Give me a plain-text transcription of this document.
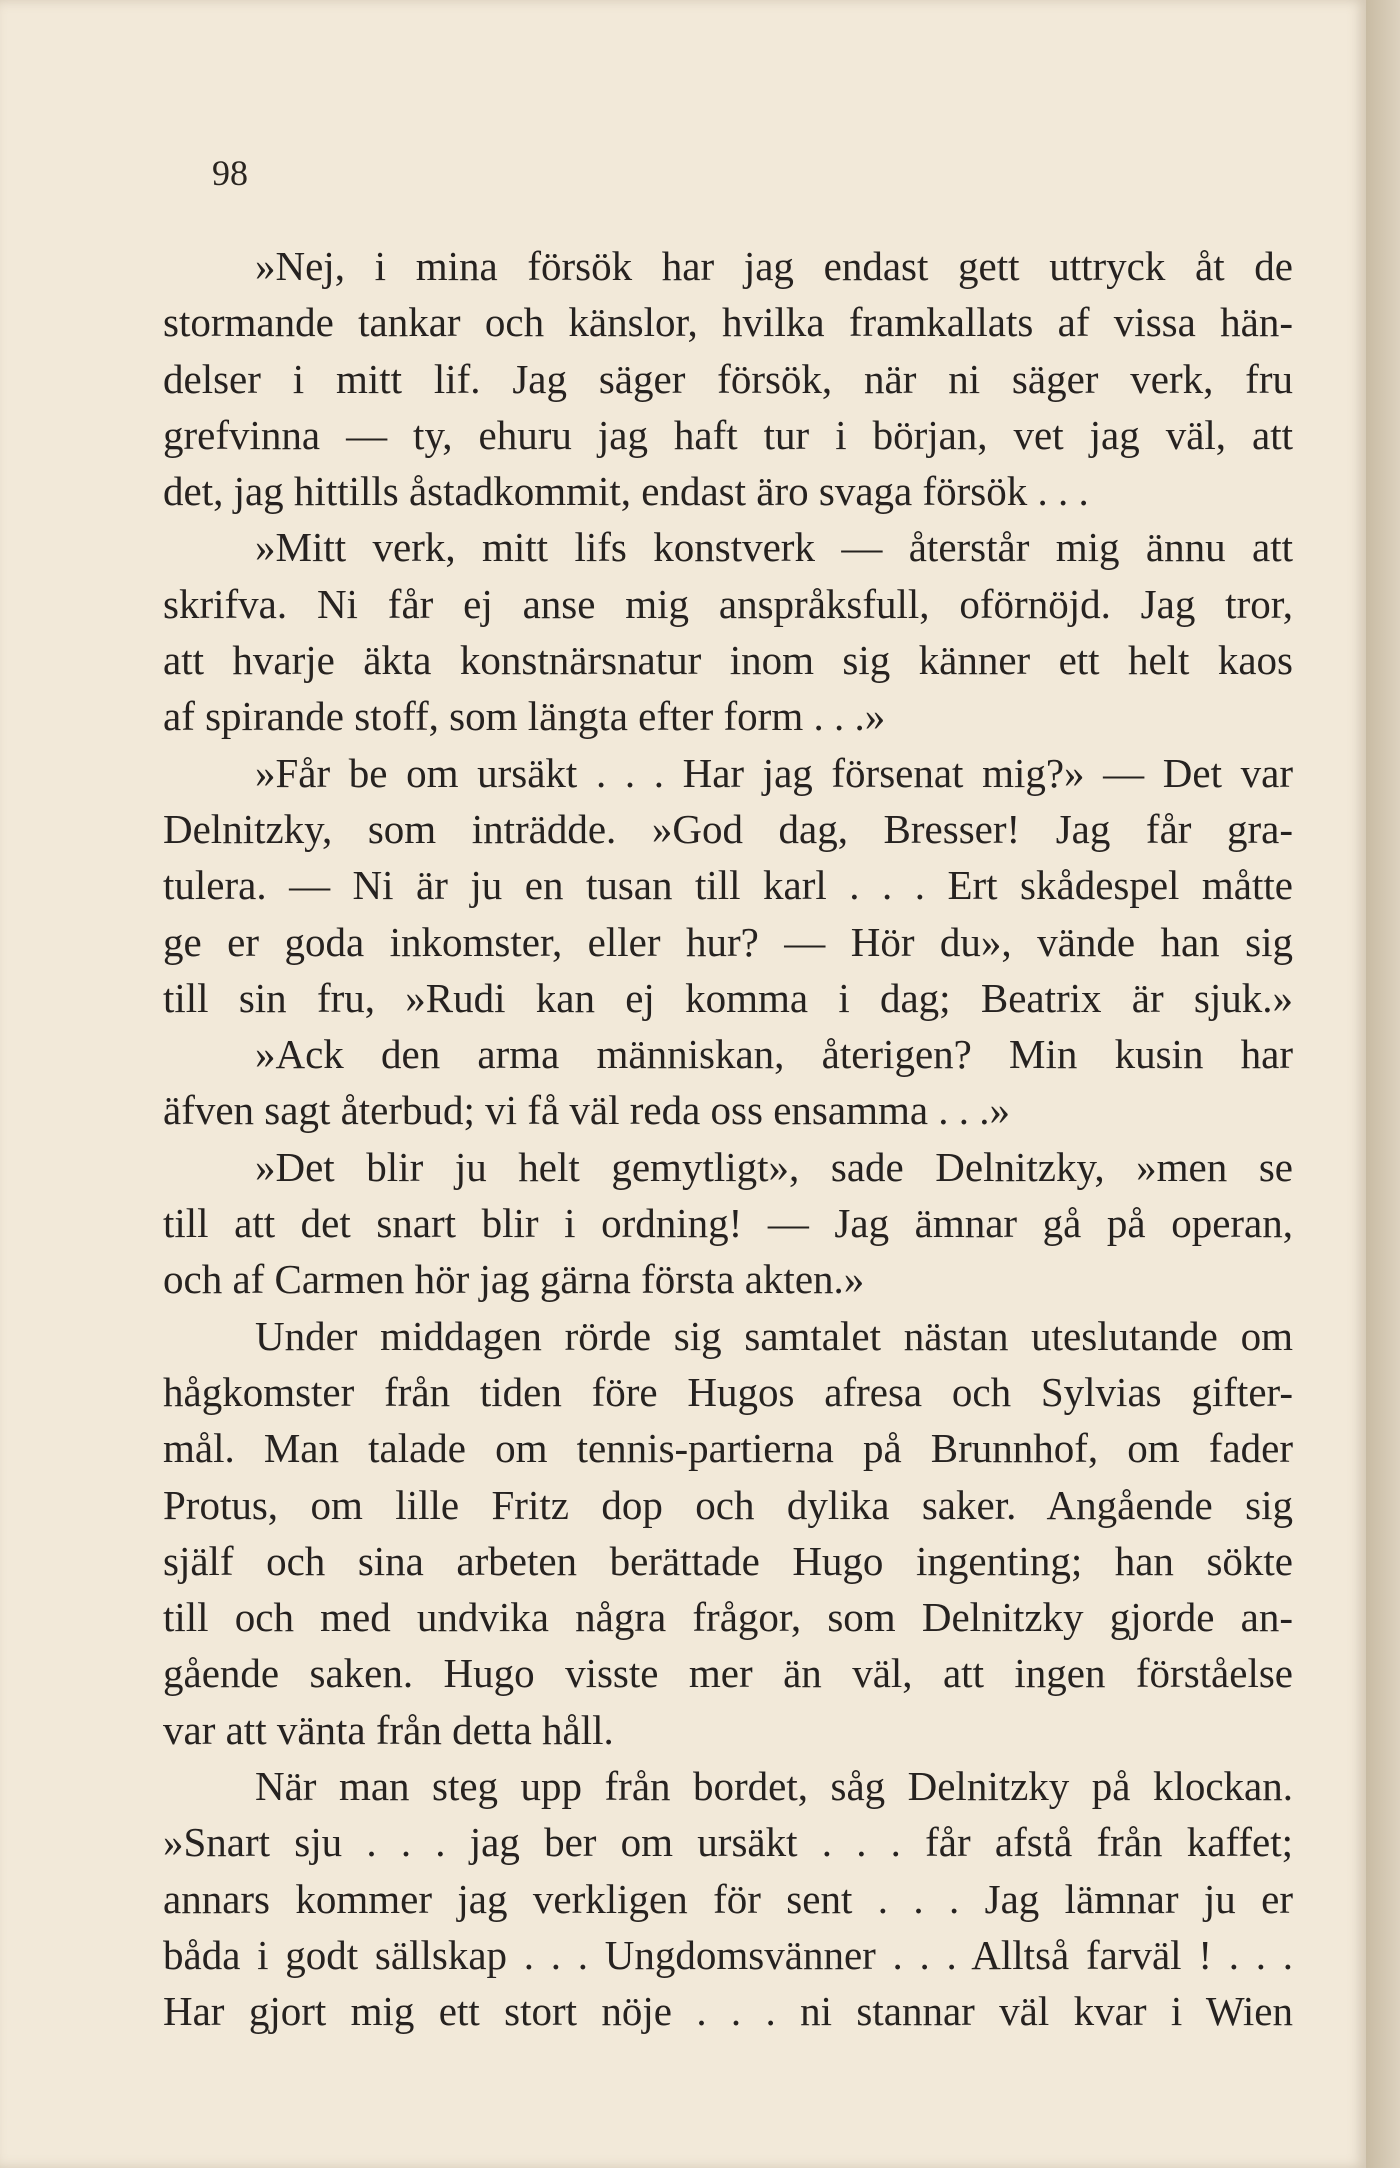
98
»Nej, i mina försök har jag endast gett uttryck åt de
stormande tankar och känslor, hvilka framkallats af vissa hän-
delser i mitt lif. Jag säger försök, när ni säger verk, fru
grefvinna — ty, ehuru jag haft tur i början, vet jag väl, att
det, jag hittills åstadkommit, endast äro svaga försök . . .
»Mitt verk, mitt lifs konstverk — återstår mig ännu att
skrifva. Ni får ej anse mig anspråksfull, oförnöjd. Jag tror,
att hvarje äkta konstnärsnatur inom sig känner ett helt kaos
af spirande stoff, som längta efter form . . .»
»Får be om ursäkt . . . Har jag försenat mig?» — Det var
Delnitzky, som inträdde. »God dag, Bresser! Jag får gra-
tulera. — Ni är ju en tusan till karl . . . Ert skådespel måtte
ge er goda inkomster, eller hur? — Hör du», vände han sig
till sin fru, »Rudi kan ej komma i dag; Beatrix är sjuk.»
»Ack den arma människan, återigen? Min kusin har
äfven sagt återbud; vi få väl reda oss ensamma . . .»
»Det blir ju helt gemytligt», sade Delnitzky, »men se
till att det snart blir i ordning! — Jag ämnar gå på operan,
och af Carmen hör jag gärna första akten.»
Under middagen rörde sig samtalet nästan uteslutande om
hågkomster från tiden före Hugos afresa och Sylvias gifter-
mål. Man talade om tennis-partierna på Brunnhof, om fader
Protus, om lille Fritz dop och dylika saker. Angående sig
själf och sina arbeten berättade Hugo ingenting; han sökte
till och med undvika några frågor, som Delnitzky gjorde an-
gående saken. Hugo visste mer än väl, att ingen förståelse
var att vänta från detta håll.
När man steg upp från bordet, såg Delnitzky på klockan.
»Snart sju . . . jag ber om ursäkt . . . får afstå från kaffet;
annars kommer jag verkligen för sent . . . Jag lämnar ju er
båda i godt sällskap . . . Ungdomsvänner . . . Alltså farväl ! . . .
Har gjort mig ett stort nöje . . . ni stannar väl kvar i Wien
